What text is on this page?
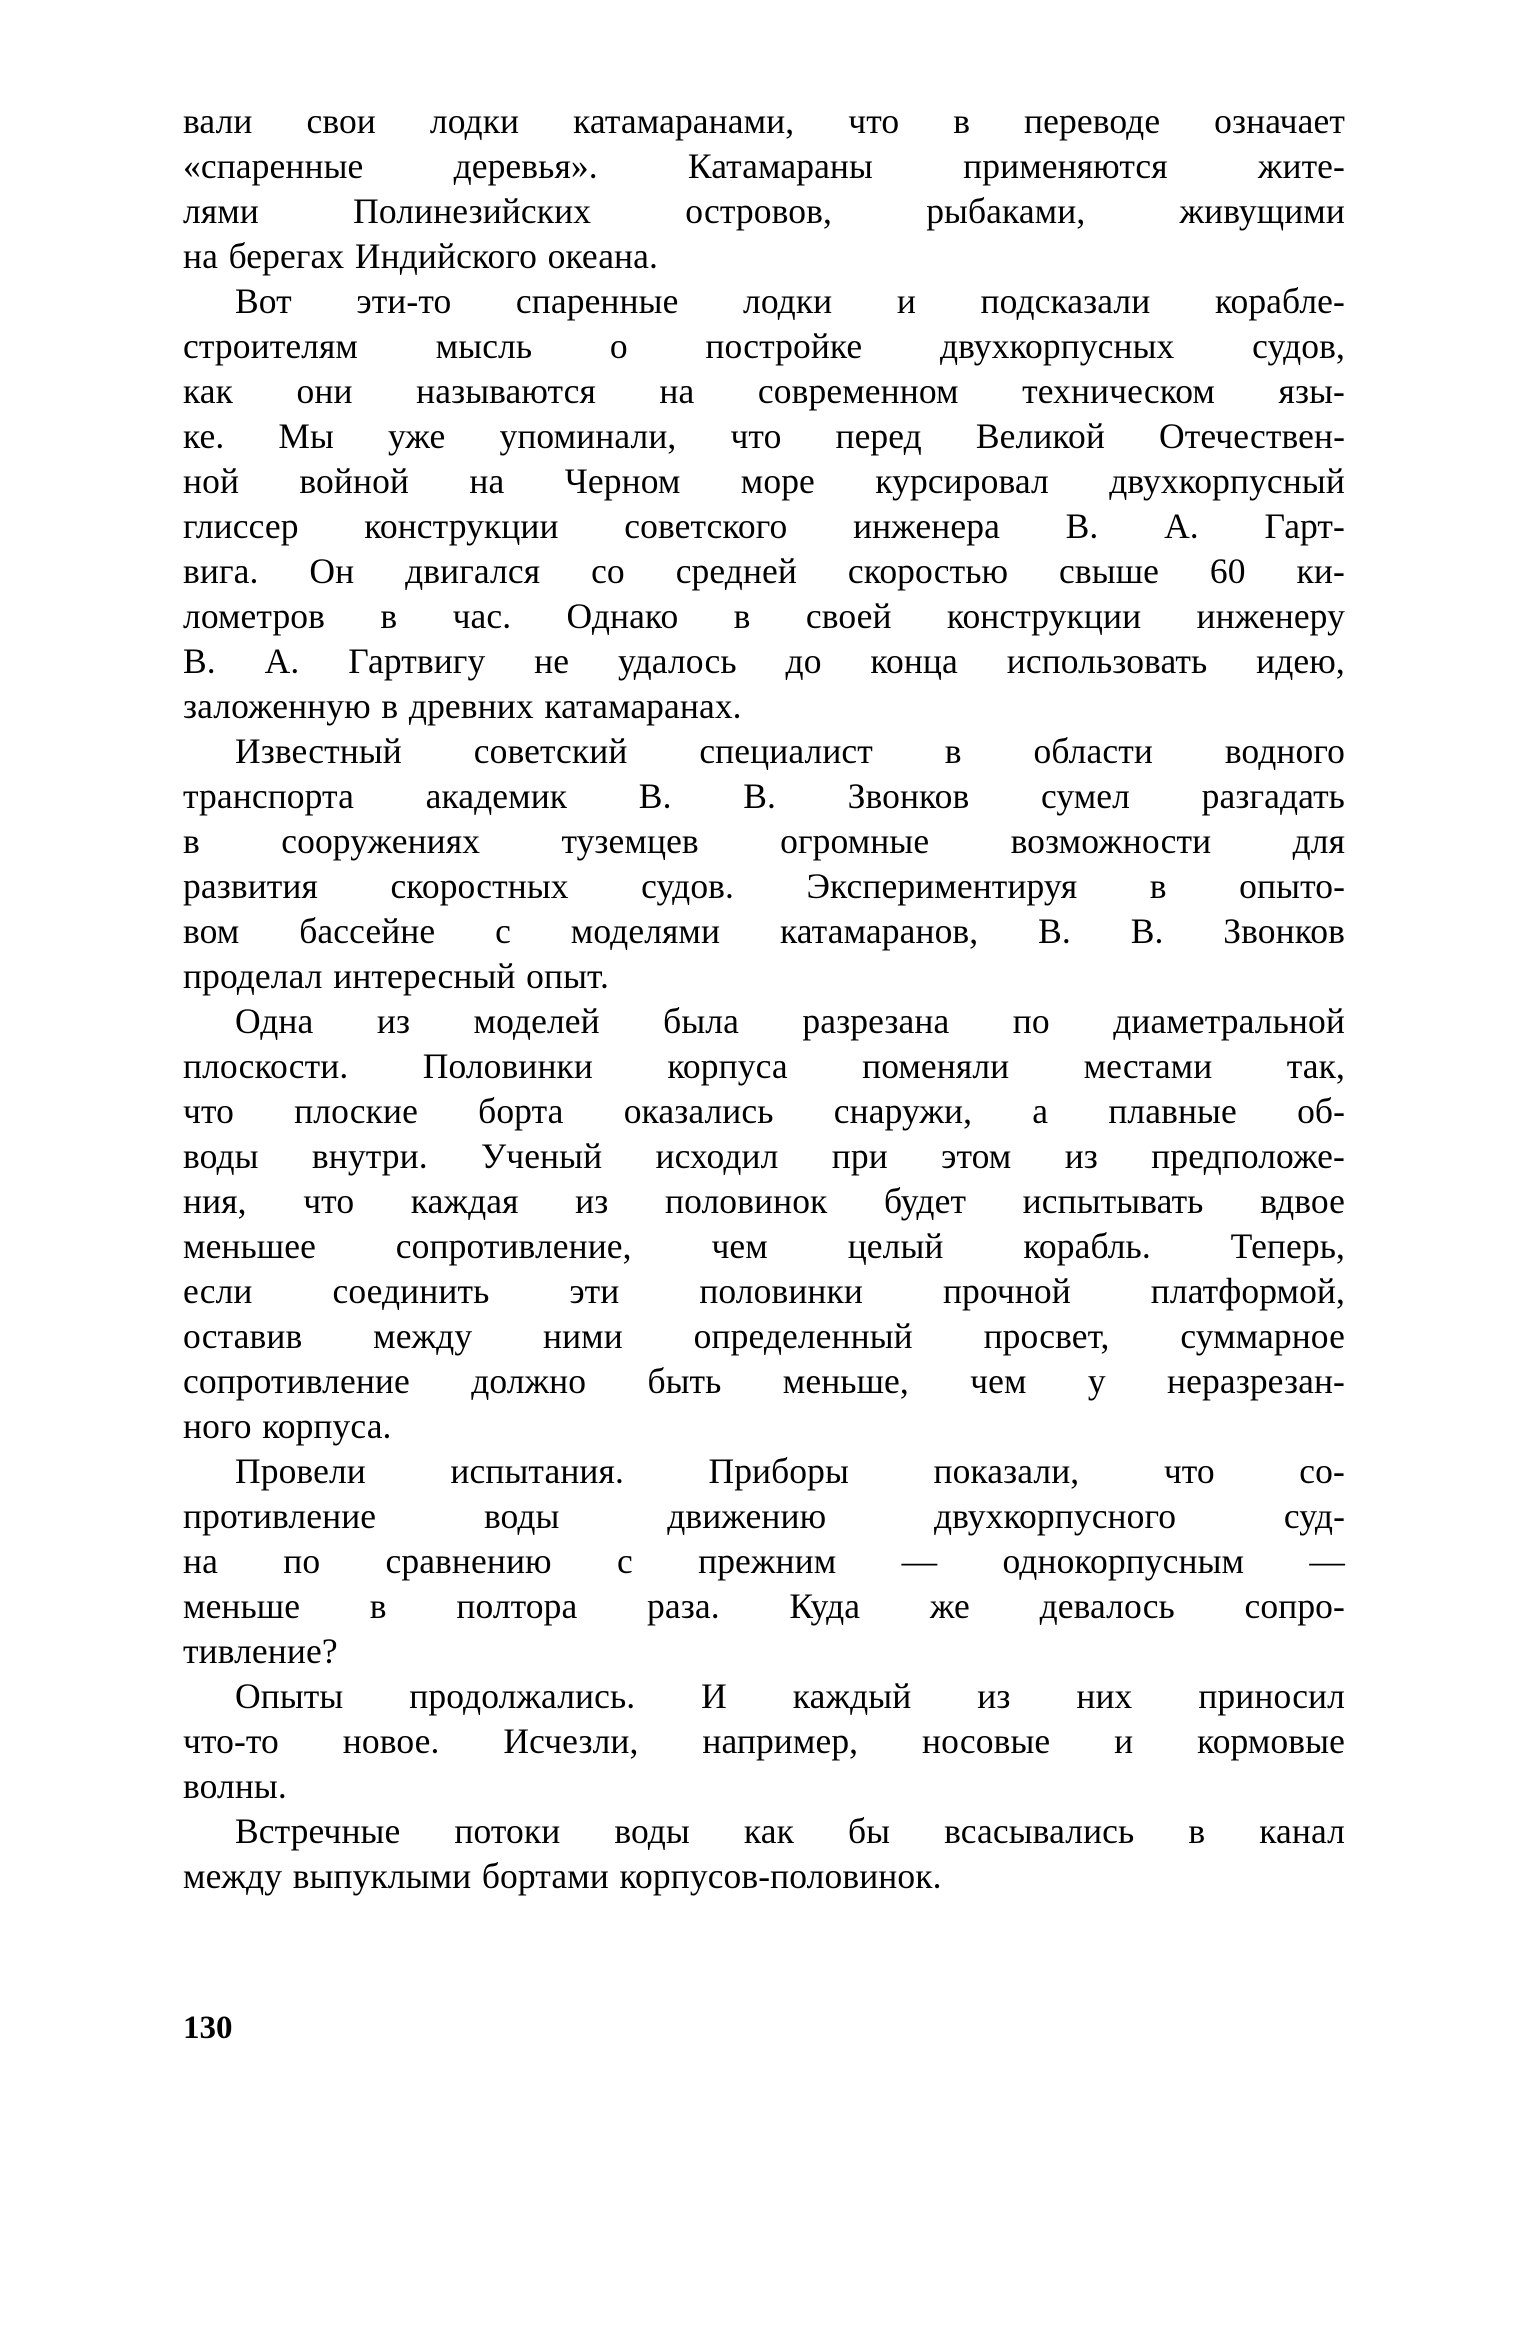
вали свои лодки катамаранами, что в переводе означает
«спаренные	деревья».	Катамараны	применяются	жите-
лями	Полинезийских	островов,	рыбаками,	живущими
на берегах Индийского океана.
Вот эти-то спаренные лодки и подсказали корабле-
строителям мысль о постройке двухкорпусных судов,
как они называются на современном техническом язы-
ке. Мы уже упоминали, что перед Великой Отечествен-
ной войной на Черном море курсировал двухкорпусный
глиссер конструкции советского инженера В. А. Гарт-
вига. Он двигался со средней скоростью свыше 60 ки-
лометров в час. Однако в своей конструкции инженеру
В. А. Гартвигу не удалось до конца использовать идею,
заложенную в древних катамаранах.
Известный советский специалист в области водного
транспорта академик В. В. Звонков сумел разгадать
в сооружениях туземцев огромные возможности для
развития скоростных судов. Экспериментируя в опыто-
вом бассейне с моделями катамаранов, В. В. Звонков
проделал интересный опыт.
Одна из моделей была разрезана по диаметральной
плоскости. Половинки корпуса поменяли местами так,
что плоские борта оказались снаружи, а плавные об-
воды внутри. Ученый исходил при этом из предположе-
ния, что каждая из половинок будет испытывать вдвое
меньшее сопротивление, чем целый корабль. Теперь,
если соединить эти половинки прочной платформой,
оставив между ними определенный просвет, суммарное
сопротивление должно быть меньше, чем у неразрезан-
ного корпуса.
Провели испытания. Приборы показали, что со-
противление	воды	движению	двухкорпусного	суд-
на по сравнению с прежним — однокорпусным —
меньше в полтора раза. Куда же девалось сопро-
тивление?
Опыты продолжались. И каждый из них приносил
что-то новое. Исчезли, например, носовые и кормовые
волны.
Встречные потоки воды как бы всасывались в канал
между выпуклыми бортами корпусов-половинок.
130
